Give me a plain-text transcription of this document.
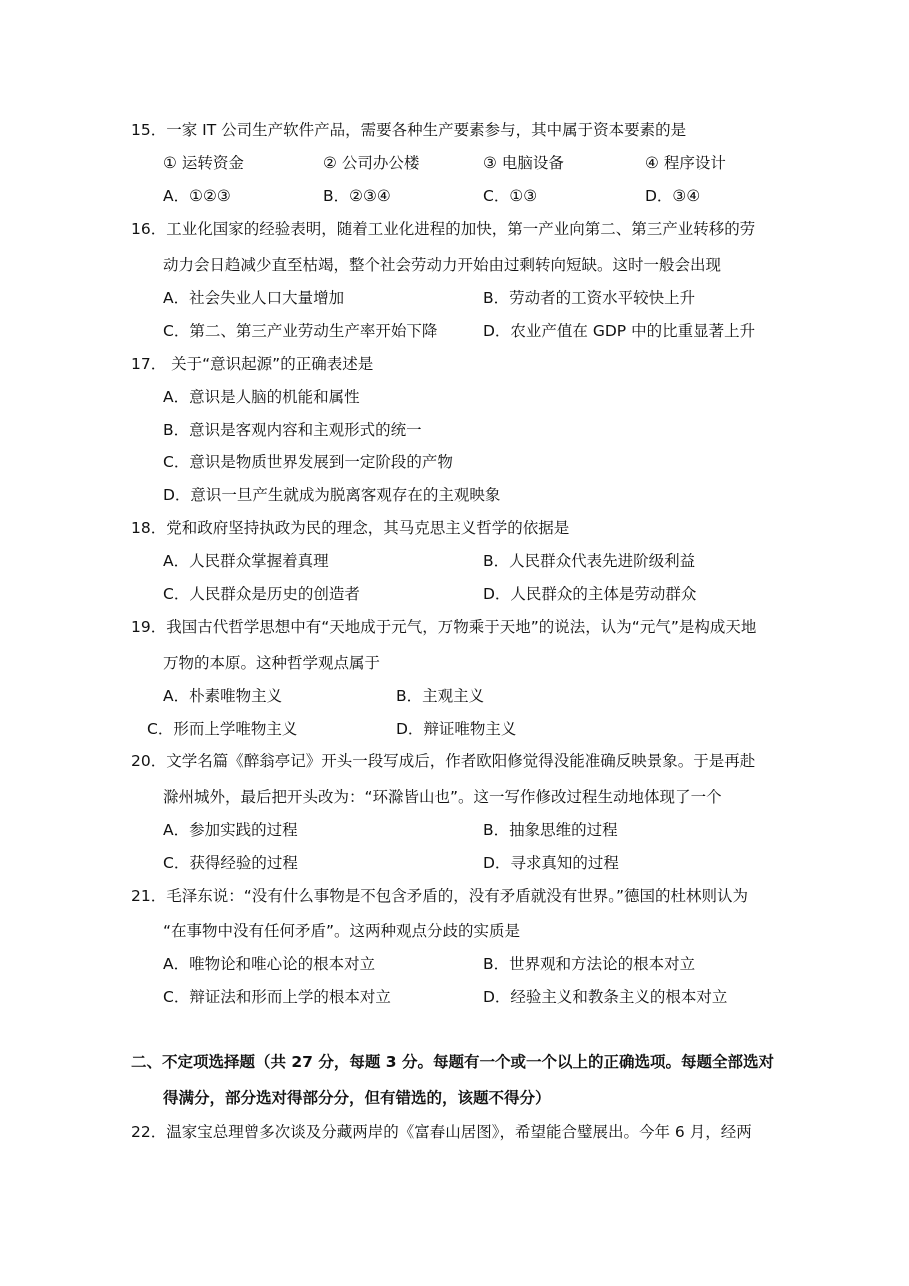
15．一家 IT 公司生产软件产品，需要各种生产要素参与，其中属于资本要素的是
① 运转资金	② 公司办公楼	③ 电脑设备	④ 程序设计
A．①②③	B．②③④	C．①③	D．③④
16．工业化国家的经验表明，随着工业化进程的加快，第一产业向第二、第三产业转移的劳
动力会日趋减少直至枯竭，整个社会劳动力开始由过剩转向短缺。这时一般会出现
A．社会失业人口大量增加	B．劳动者的工资水平较快上升
C．第二、第三产业劳动生产率开始下降	D．农业产值在 GDP 中的比重显著上升
17． 关于“意识起源”的正确表述是
A．意识是人脑的机能和属性
B．意识是客观内容和主观形式的统一
C．意识是物质世界发展到一定阶段的产物
D．意识一旦产生就成为脱离客观存在的主观映象
18．党和政府坚持执政为民的理念，其马克思主义哲学的依据是
A．人民群众掌握着真理	B．人民群众代表先进阶级利益
C．人民群众是历史的创造者	D．人民群众的主体是劳动群众
19．我国古代哲学思想中有“天地成于元气，万物乘于天地”的说法，认为“元气”是构成天地
万物的本原。这种哲学观点属于
A．朴素唯物主义	B．主观主义
C．形而上学唯物主义	D．辩证唯物主义
20．文学名篇《醉翁亭记》开头一段写成后，作者欧阳修觉得没能准确反映景象。于是再赴
滁州城外，最后把开头改为：“环滁皆山也”。这一写作修改过程生动地体现了一个
A．参加实践的过程	B．抽象思维的过程
C．获得经验的过程	D．寻求真知的过程
21．毛泽东说：“没有什么事物是不包含矛盾的，没有矛盾就没有世界。”德国的杜林则认为
“在事物中没有任何矛盾”。这两种观点分歧的实质是
A．唯物论和唯心论的根本对立	B．世界观和方法论的根本对立
C．辩证法和形而上学的根本对立	D．经验主义和教条主义的根本对立
二、不定项选择题（共 27 分，每题 3 分。每题有一个或一个以上的正确选项。每题全部选对
得满分，部分选对得部分分，但有错选的，该题不得分）
22．温家宝总理曾多次谈及分藏两岸的《富春山居图》，希望能合璧展出。今年 6 月，经两
